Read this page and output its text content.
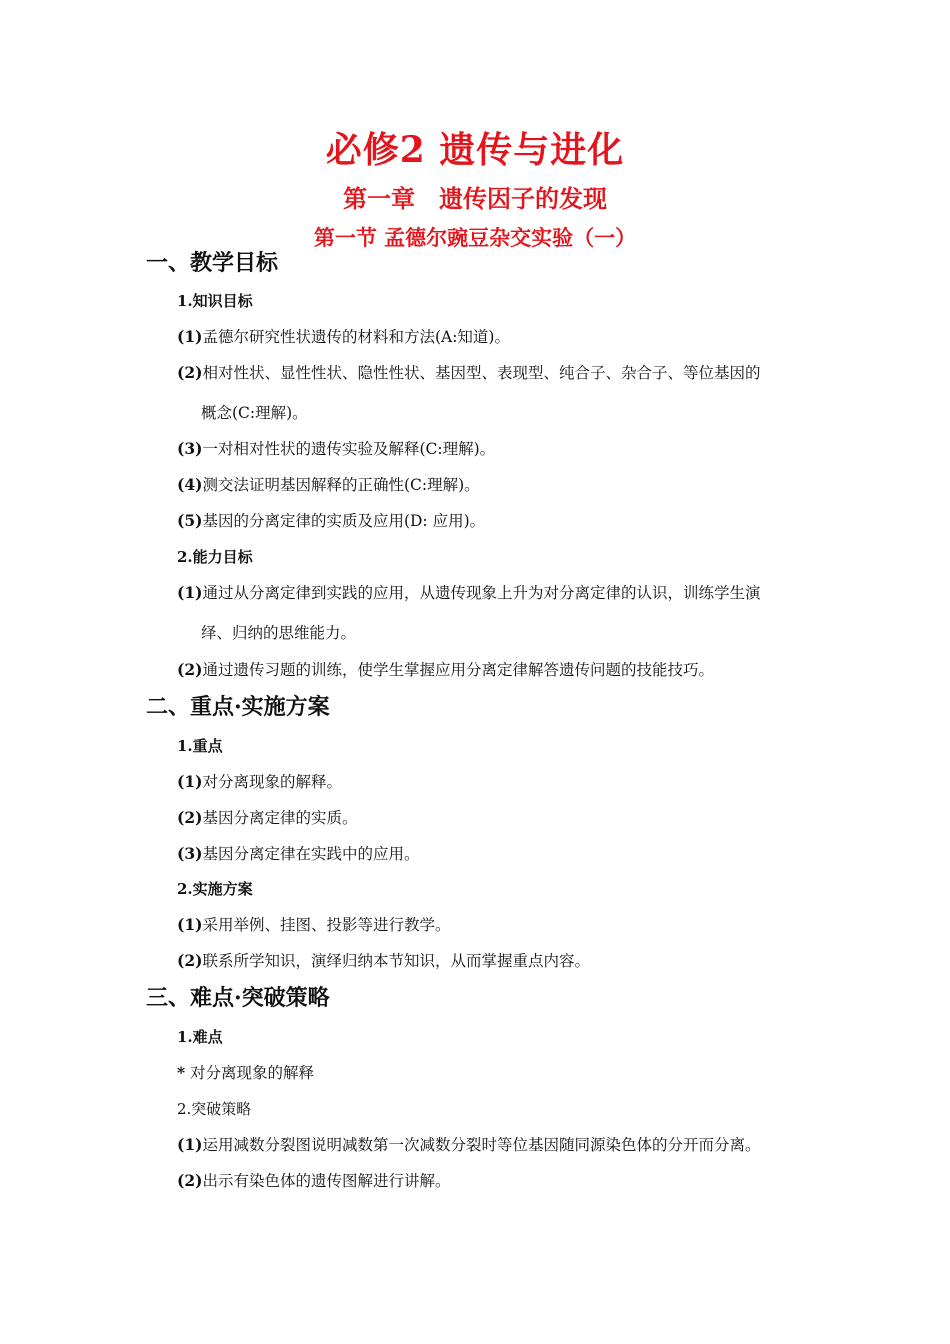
必修2 遗传与进化
第一章　遗传因子的发现
第一节 孟德尔豌豆杂交实验（一）
一、教学目标
1.知识目标
(1)孟德尔研究性状遗传的材料和方法(A:知道)。
(2)相对性状、显性性状、隐性性状、基因型、表现型、纯合子、杂合子、等位基因的
概念(C:理解)。
(3)一对相对性状的遗传实验及解释(C:理解)。
(4)测交法证明基因解释的正确性(C:理解)。
(5)基因的分离定律的实质及应用(D: 应用)。
2.能力目标
(1)通过从分离定律到实践的应用，从遗传现象上升为对分离定律的认识，训练学生演
绎、归纳的思维能力。
(2)通过遗传习题的训练，使学生掌握应用分离定律解答遗传问题的技能技巧。
二、重点·实施方案
1.重点
(1)对分离现象的解释。
(2)基因分离定律的实质。
(3)基因分离定律在实践中的应用。
2.实施方案
(1)采用举例、挂图、投影等进行教学。
(2)联系所学知识，演绎归纳本节知识，从而掌握重点内容。
三、难点·突破策略
1.难点
* 对分离现象的解释
2.突破策略
(1)运用减数分裂图说明减数第一次减数分裂时等位基因随同源染色体的分开而分离。
(2)出示有染色体的遗传图解进行讲解。
